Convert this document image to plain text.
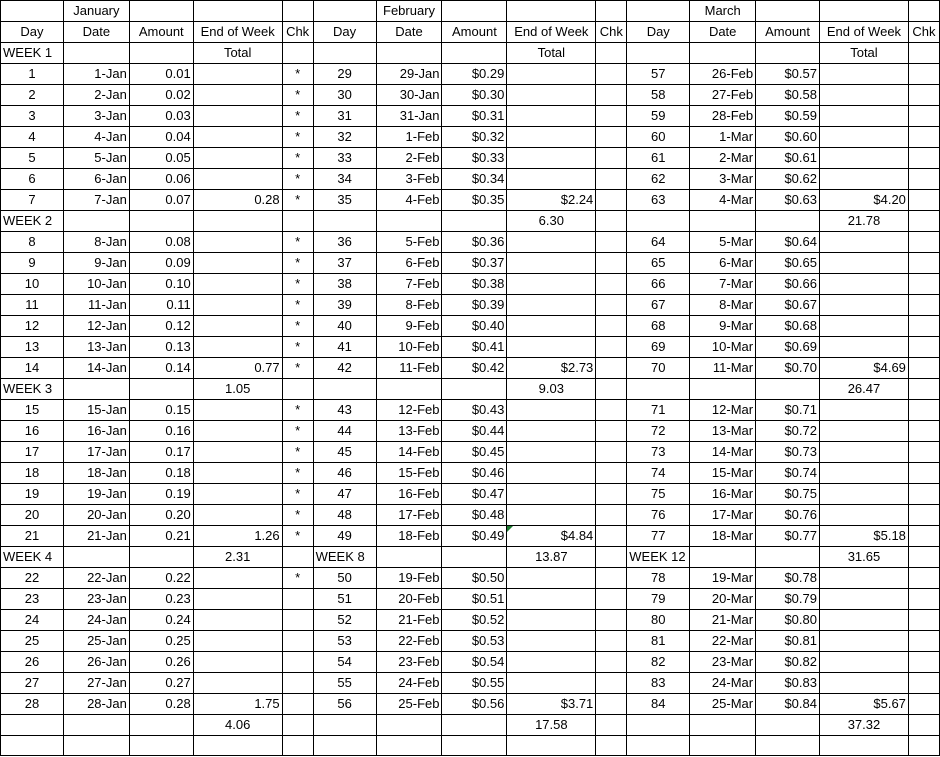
	January					February					March			
Day	Date	Amount	End of Week	Chk	Day	Date	Amount	End of Week	Chk	Day	Date	Amount	End of Week	Chk
WEEK 1			Total					Total					Total	
1	1-Jan	0.01		*	29	29-Jan	$0.29			57	26-Feb	$0.57		
2	2-Jan	0.02		*	30	30-Jan	$0.30			58	27-Feb	$0.58		
3	3-Jan	0.03		*	31	31-Jan	$0.31			59	28-Feb	$0.59		
4	4-Jan	0.04		*	32	1-Feb	$0.32			60	1-Mar	$0.60		
5	5-Jan	0.05		*	33	2-Feb	$0.33			61	2-Mar	$0.61		
6	6-Jan	0.06		*	34	3-Feb	$0.34			62	3-Mar	$0.62		
7	7-Jan	0.07	0.28	*	35	4-Feb	$0.35	$2.24		63	4-Mar	$0.63	$4.20	
WEEK 2								6.30					21.78	
8	8-Jan	0.08		*	36	5-Feb	$0.36			64	5-Mar	$0.64		
9	9-Jan	0.09		*	37	6-Feb	$0.37			65	6-Mar	$0.65		
10	10-Jan	0.10		*	38	7-Feb	$0.38			66	7-Mar	$0.66		
11	11-Jan	0.11		*	39	8-Feb	$0.39			67	8-Mar	$0.67		
12	12-Jan	0.12		*	40	9-Feb	$0.40			68	9-Mar	$0.68		
13	13-Jan	0.13		*	41	10-Feb	$0.41			69	10-Mar	$0.69		
14	14-Jan	0.14	0.77	*	42	11-Feb	$0.42	$2.73		70	11-Mar	$0.70	$4.69	
WEEK 3			1.05					9.03					26.47	
15	15-Jan	0.15		*	43	12-Feb	$0.43			71	12-Mar	$0.71		
16	16-Jan	0.16		*	44	13-Feb	$0.44			72	13-Mar	$0.72		
17	17-Jan	0.17		*	45	14-Feb	$0.45			73	14-Mar	$0.73		
18	18-Jan	0.18		*	46	15-Feb	$0.46			74	15-Mar	$0.74		
19	19-Jan	0.19		*	47	16-Feb	$0.47			75	16-Mar	$0.75		
20	20-Jan	0.20		*	48	17-Feb	$0.48			76	17-Mar	$0.76		
21	21-Jan	0.21	1.26	*	49	18-Feb	$0.49	$4.84		77	18-Mar	$0.77	$5.18	
WEEK 4			2.31		WEEK 8			13.87		WEEK 12			31.65	
22	22-Jan	0.22		*	50	19-Feb	$0.50			78	19-Mar	$0.78		
23	23-Jan	0.23			51	20-Feb	$0.51			79	20-Mar	$0.79		
24	24-Jan	0.24			52	21-Feb	$0.52			80	21-Mar	$0.80		
25	25-Jan	0.25			53	22-Feb	$0.53			81	22-Mar	$0.81		
26	26-Jan	0.26			54	23-Feb	$0.54			82	23-Mar	$0.82		
27	27-Jan	0.27			55	24-Feb	$0.55			83	24-Mar	$0.83		
28	28-Jan	0.28	1.75		56	25-Feb	$0.56	$3.71		84	25-Mar	$0.84	$5.67	
			4.06					17.58					37.32	
